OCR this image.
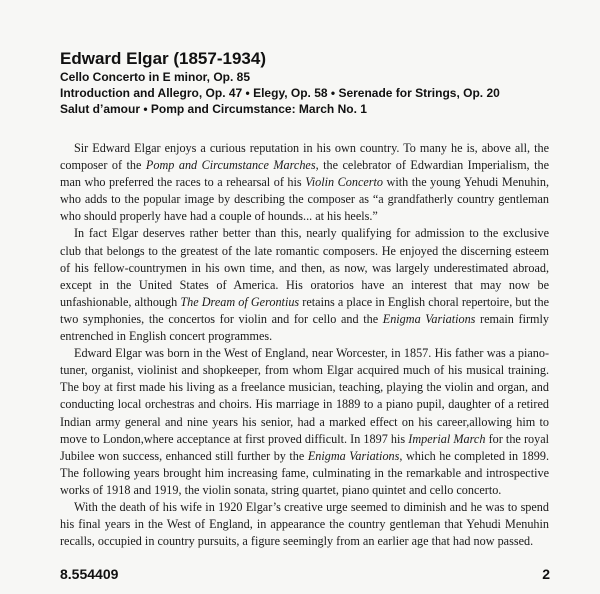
Edward Elgar (1857-1934)
Cello Concerto in E minor, Op. 85
Introduction and Allegro, Op. 47 • Elegy, Op. 58 • Serenade for Strings, Op. 20
Salut d’amour • Pomp and Circumstance: March No. 1

Sir Edward Elgar enjoys a curious reputation in his own country. To many he is, above all, the composer of the Pomp and Circumstance Marches, the celebrator of Edwardian Imperialism, the man who preferred the races to a rehearsal of his Violin Concerto with the young Yehudi Menuhin, who adds to the popular image by describing the composer as “a grandfatherly country gentleman who should properly have had a couple of hounds... at his heels.”

In fact Elgar deserves rather better than this, nearly qualifying for admission to the exclusive club that belongs to the greatest of the late romantic composers. He enjoyed the discerning esteem of his fellow-countrymen in his own time, and then, as now, was largely underestimated abroad, except in the United States of America. His oratorios have an interest that may now be unfashionable, although The Dream of Gerontius retains a place in English choral repertoire, but the two symphonies, the concertos for violin and for cello and the Enigma Variations remain firmly entrenched in English concert programmes.

Edward Elgar was born in the West of England, near Worcester, in 1857. His father was a piano-tuner, organist, violinist and shopkeeper, from whom Elgar acquired much of his musical training. The boy at first made his living as a freelance musician, teaching, playing the violin and organ, and conducting local orchestras and choirs. His marriage in 1889 to a piano pupil, daughter of a retired Indian army general and nine years his senior, had a marked effect on his career,allowing him to move to London,where acceptance at first proved difficult. In 1897 his Imperial March for the royal Jubilee won success, enhanced still further by the Enigma Variations, which he completed in 1899. The following years brought him increasing fame, culminating in the remarkable and introspective works of 1918 and 1919, the violin sonata, string quartet, piano quintet and cello concerto.

With the death of his wife in 1920 Elgar’s creative urge seemed to diminish and he was to spend his final years in the West of England, in appearance the country gentleman that Yehudi Menuhin recalls, occupied in country pursuits, a figure seemingly from an earlier age that had now passed.

8.554409	2
